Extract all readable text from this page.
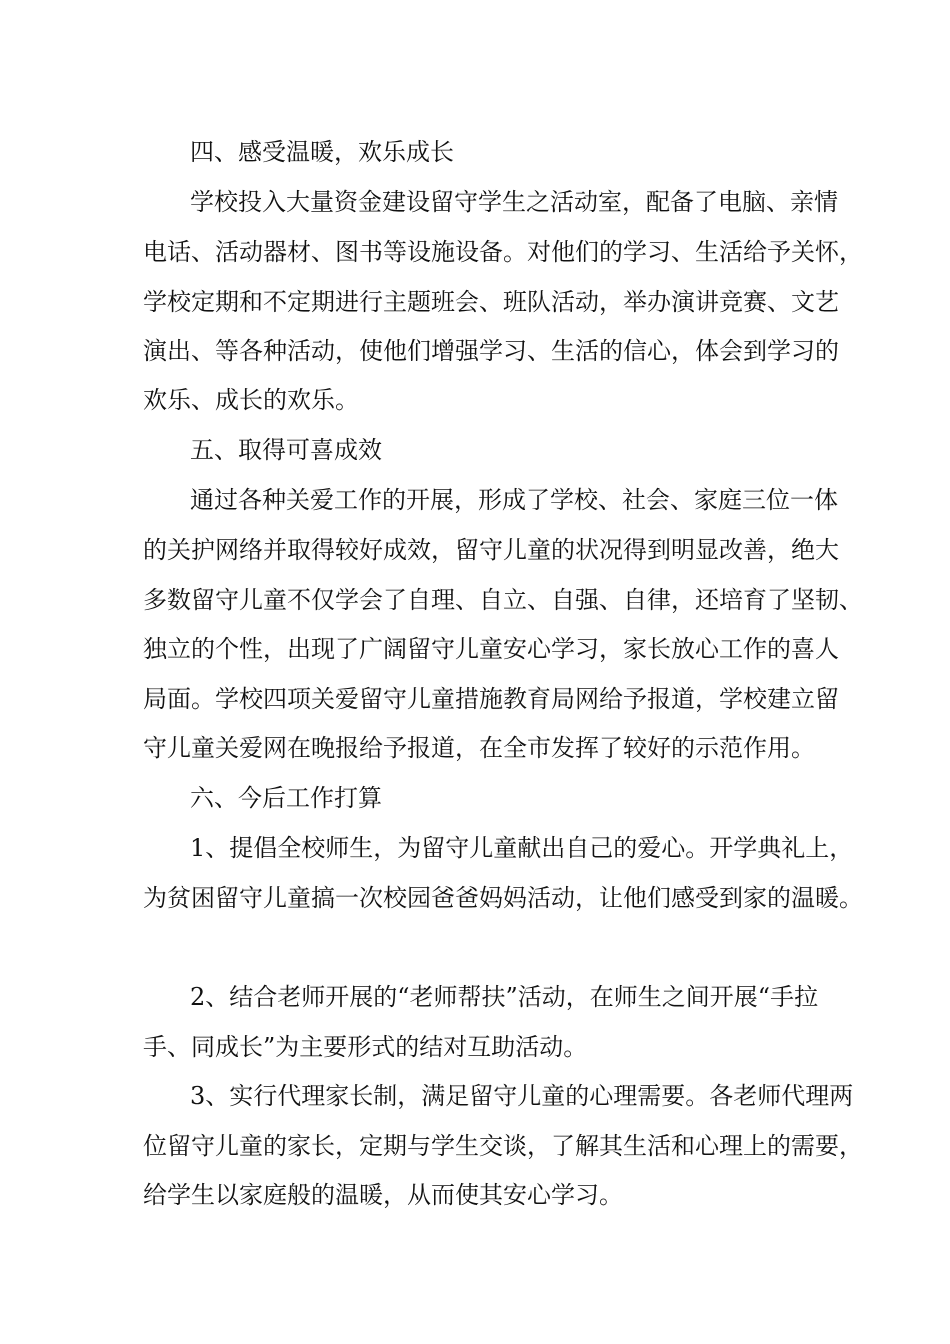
四、感受温暖，欢乐成长

学校投入大量资金建设留守学生之活动室，配备了电脑、亲情

电话、活动器材、图书等设施设备。对他们的学习、生活给予关怀，

学校定期和不定期进行主题班会、班队活动，举办演讲竞赛、文艺

演出、等各种活动，使他们增强学习、生活的信心，体会到学习的

欢乐、成长的欢乐。

五、取得可喜成效

通过各种关爱工作的开展，形成了学校、社会、家庭三位一体

的关护网络并取得较好成效，留守儿童的状况得到明显改善，绝大

多数留守儿童不仅学会了自理、自立、自强、自律，还培育了坚韧、

独立的个性，出现了广阔留守儿童安心学习，家长放心工作的喜人

局面。学校四项关爱留守儿童措施教育局网给予报道，学校建立留

守儿童关爱网在晚报给予报道，在全市发挥了较好的示范作用。

六、今后工作打算

1、提倡全校师生，为留守儿童献出自己的爱心。开学典礼上，

为贫困留守儿童搞一次校园爸爸妈妈活动，让他们感受到家的温暖。

2、结合老师开展的“老师帮扶”活动，在师生之间开展“手拉

手、同成长”为主要形式的结对互助活动。

3、实行代理家长制，满足留守儿童的心理需要。各老师代理两

位留守儿童的家长，定期与学生交谈，了解其生活和心理上的需要，

给学生以家庭般的温暖，从而使其安心学习。
